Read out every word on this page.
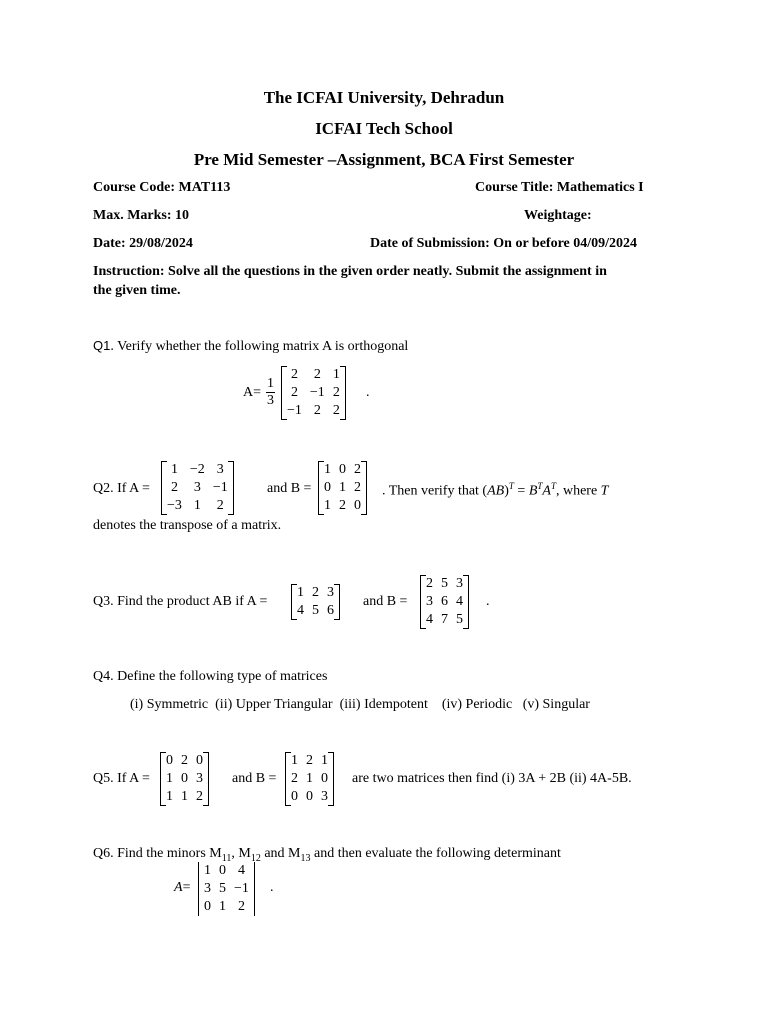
The ICFAI University, Dehradun
ICFAI Tech School
Pre Mid Semester –Assignment, BCA First Semester
Course Code: MAT113	Course Title: Mathematics I
Max. Marks: 10	Weightage:
Date: 29/08/2024	Date of Submission: On or before 04/09/2024
Instruction: Solve all the questions in the given order neatly. Submit the assignment in
the given time.
Q1. Verify whether the following matrix A is orthogonal
$A= \frac{1}{3}$
2	2	1
2	−1	2
−1	2	2
.
Q2. If A =
1	−2	3
2	3	−1
−3	1	2
and B =
1	0	2
0	1	2
1	2	0
. Then verify that $(AB)^T = B^TA^T$, where T
denotes the transpose of a matrix.
Q3. Find the product AB if A =
1	2	3
4	5	6
and B =
2	5	3
3	6	4
4	7	5
.
Q4. Define the following type of matrices
(i) Symmetric  (ii) Upper Triangular  (iii) Idempotent    (iv) Periodic   (v) Singular
Q5. If A =
0	2	0
1	0	3
1	1	2
and B =
1	2	1
2	1	0
0	0	3
are two matrices then find (i) 3A + 2B (ii) 4A-5B.
Q6. Find the minors $M_{11}$, $M_{12}$ and $M_{13}$ and then evaluate the following determinant
A=
1	0	4
3	5	−1
0	1	2
.
